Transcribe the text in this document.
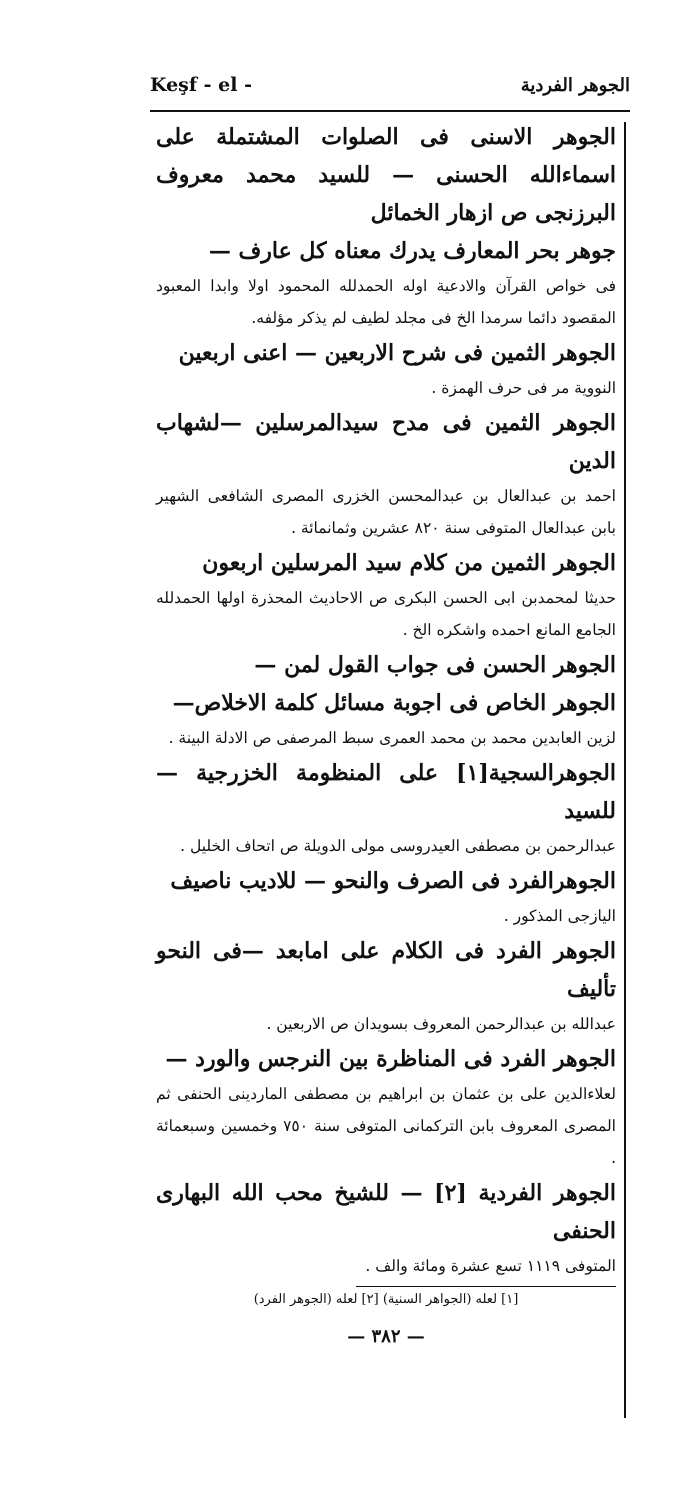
Keşf - el -	الجوهر الفردية

الجوهر الاسنى فى الصلوات المشتملة على اسماءالله الحسنى — للسيد محمد معروف البرزنجى ص ازهار الخمائل

جوهر بحر المعارف يدرك معناه كل عارف —

فى خواص القرآن والادعية اوله الحمدلله المحمود اولا وابدا المعبود المقصود دائما سرمدا الخ فى مجلد لطيف لم يذكر مؤلفه.

الجوهر الثمين فى شرح الاربعين — اعنى اربعين

النووية مر فى حرف الهمزة .

الجوهر الثمين فى مدح سيدالمرسلين —لشهاب الدين

احمد بن عبدالعال بن عبدالمحسن الخزرى المصرى الشافعى الشهير بابن عبدالعال المتوفى سنة ٨٢٠ عشرين وثمانمائة .

الجوهر الثمين من كلام سيد المرسلين اربعون

حديثا لمحمدبن ابى الحسن البكرى ص الاحاديث المحذرة اولها الحمدلله الجامع المانع احمده واشكره الخ .

الجوهر الحسن فى جواب القول لمن —

الجوهر الخاص فى اجوبة مسائل كلمة الاخلاص—

لزين العابدين محمد بن محمد العمرى سبط المرصفى ص الادلة البينة .

الجوهرالسجية[١] على المنظومة الخزرجية — للسيد

عبدالرحمن بن مصطفى العيدروسى مولى الدويلة ص اتحاف الخليل .

الجوهرالفرد فى الصرف والنحو — للاديب ناصيف

اليازجى المذكور .

الجوهر الفرد فى الكلام على امابعد —فى النحو تأليف

عبدالله بن عبدالرحمن المعروف بسويدان ص الاربعين .

الجوهر الفرد فى المناظرة بين النرجس والورد —

لعلاءالدين على بن عثمان بن ابراهيم بن مصطفى الماردينى الحنفى ثم المصرى المعروف بابن التركمانى المتوفى سنة ٧٥٠ وخمسين وسبعمائة .

الجوهر الفردية [٢] — للشيخ محب الله البهارى الحنفى

المتوفى ١١١٩ تسع عشرة ومائة والف .

[١] لعله (الجواهر السنية) [٢] لعله (الجوهر الفرد)

— ٣٨٢ —
